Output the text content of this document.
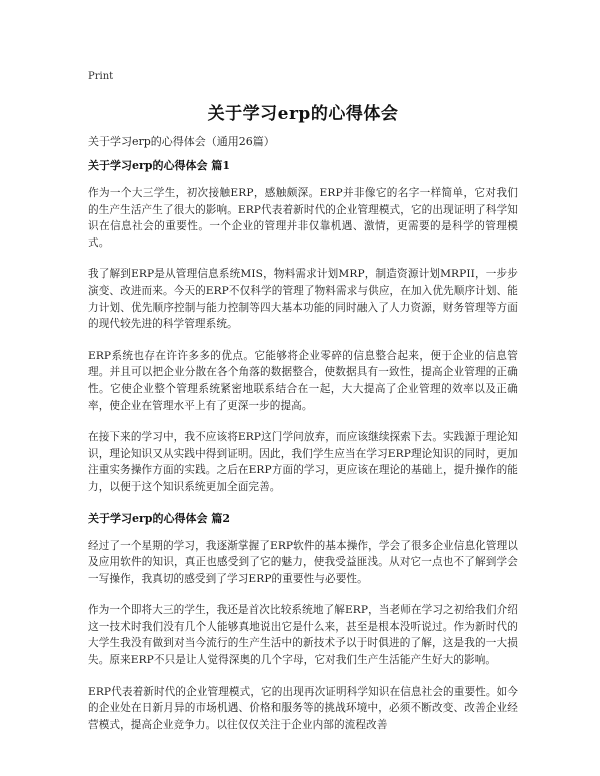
Print
关于学习erp的心得体会
关于学习erp的心得体会（通用26篇）
关于学习erp的心得体会 篇1

作为一个大三学生，初次接触ERP，感触颇深。ERP并非像它的名字一样简单，它对我们的生产生活产生了很大的影响。ERP代表着新时代的企业管理模式，它的出现证明了科学知识在信息社会的重要性。一个企业的管理并非仅靠机遇、激情，更需要的是科学的管理模式。

我了解到ERP是从管理信息系统MIS，物料需求计划MRP，制造资源计划MRPII，一步步演变、改进而来。今天的ERP不仅科学的管理了物料需求与供应，在加入优先顺序计划、能力计划、优先顺序控制与能力控制等四大基本功能的同时融入了人力资源，财务管理等方面的现代较先进的科学管理系统。

ERP系统也存在许许多多的优点。它能够将企业零碎的信息整合起来，便于企业的信息管理。并且可以把企业分散在各个角落的数据整合，使数据具有一致性，提高企业管理的正确性。它使企业整个管理系统紧密地联系结合在一起，大大提高了企业管理的效率以及正确率，使企业在管理水平上有了更深一步的提高。

在接下来的学习中，我不应该将ERP这门学问放弃，而应该继续探索下去。实践源于理论知识，理论知识又从实践中得到证明。因此，我们学生应当在学习ERP理论知识的同时，更加注重实务操作方面的实践。之后在ERP方面的学习，更应该在理论的基础上，提升操作的能力，以便于这个知识系统更加全面完善。

关于学习erp的心得体会 篇2

经过了一个星期的学习，我逐渐掌握了ERP软件的基本操作，学会了很多企业信息化管理以及应用软件的知识，真正也感受到了它的魅力，使我受益匪浅。从对它一点也不了解到学会一写操作，我真切的感受到了学习ERP的重要性与必要性。

作为一个即将大三的学生，我还是首次比较系统地了解ERP，当老师在学习之初给我们介绍这一技术时我们没有几个人能够真地说出它是什么来，甚至是根本没听说过。作为新时代的大学生我没有做到对当今流行的生产生活中的新技术予以于时俱进的了解，这是我的一大损失。原来ERP不只是让人觉得深奥的几个字母，它对我们生产生活能产生好大的影响。

ERP代表着新时代的企业管理模式，它的出现再次证明科学知识在信息社会的重要性。如今的企业处在日新月异的市场机遇、价格和服务等的挑战环境中，必须不断改变、改善企业经营模式，提高企业竞争力。以往仅仅关注于企业内部的流程改善
